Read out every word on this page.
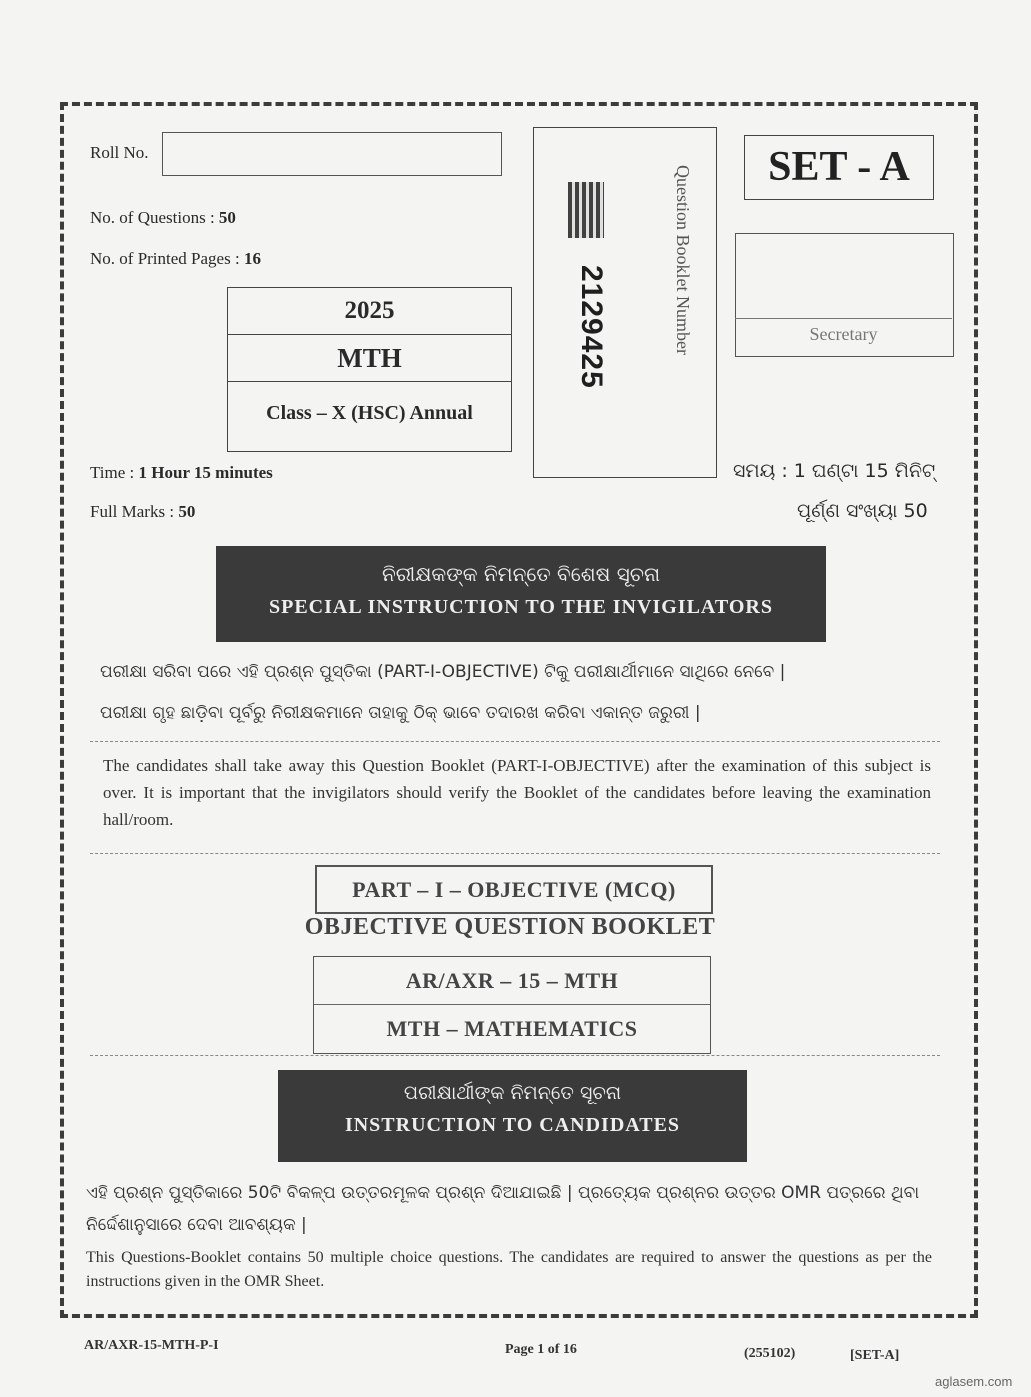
Roll No.
No. of Questions : 50
No. of Printed Pages : 16
2025
MTH
Class – X (HSC) Annual
2129425	Question Booklet Number	SET - A
Secretary
Time : 1 Hour 15 minutes	ସମୟ : 1 ଘଣ୍ଟା 15 ମିନିଟ୍
Full Marks : 50	ପୂର୍ଣ୍ଣ ସଂଖ୍ୟା 50
ନିରୀକ୍ଷକଙ୍କ ନିମନ୍ତେ ବିଶେଷ ସୂଚନା
SPECIAL INSTRUCTION TO THE INVIGILATORS
ପରୀକ୍ଷା ସରିବା ପରେ ଏହି ପ୍ରଶ୍ନ ପୁସ୍ତିକା (PART-I-OBJECTIVE) ଟିକୁ ପରୀକ୍ଷାର୍ଥୀମାନେ ସାଥିରେ ନେବେ |
ପରୀକ୍ଷା ଗୃହ ଛାଡ଼ିବା ପୂର୍ବରୁ ନିରୀକ୍ଷକମାନେ ତାହାକୁ ଠିକ୍ ଭାବେ ତଦାରଖ କରିବା ଏକାନ୍ତ ଜରୁରୀ |
The candidates shall take away this Question Booklet (PART-I-OBJECTIVE) after the examination of this subject is over. It is important that the invigilators should verify the Booklet of the candidates before leaving the examination hall/room.
PART – I – OBJECTIVE (MCQ)
OBJECTIVE QUESTION BOOKLET
AR/AXR – 15 – MTH
MTH – MATHEMATICS
ପରୀକ୍ଷାର୍ଥୀଙ୍କ ନିମନ୍ତେ ସୂଚନା
INSTRUCTION TO CANDIDATES
ଏହି ପ୍ରଶ୍ନ ପୁସ୍ତିକାରେ 50ଟି ବିକଳ୍ପ ଉତ୍ତରମୂଳକ ପ୍ରଶ୍ନ ଦିଆଯାଇଛି | ପ୍ରତ୍ୟେକ ପ୍ରଶ୍ନର ଉତ୍ତର OMR ପତ୍ରରେ ଥିବା
ନିର୍ଦ୍ଦେଶାନୁସାରେ ଦେବା ଆବଶ୍ୟକ |
This Questions-Booklet contains 50 multiple choice questions. The candidates are required to answer the questions as per the instructions given in the OMR Sheet.
AR/AXR-15-MTH-P-I	Page 1 of 16	(255102)	[SET-A]
aglasem.com
